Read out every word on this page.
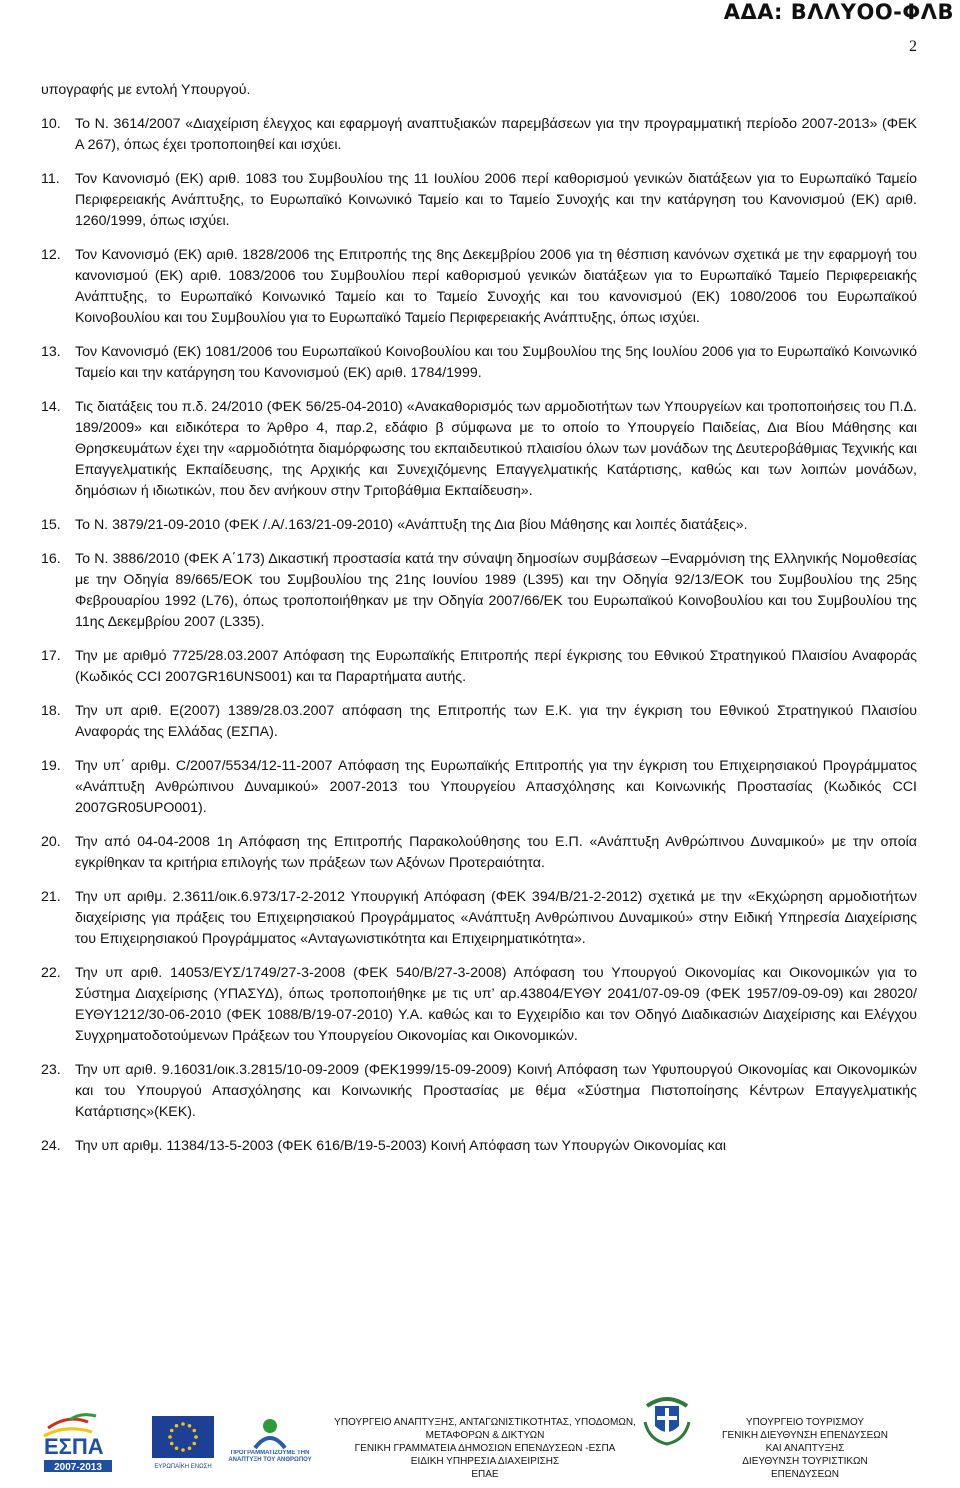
ΑΔΑ: ΒΛΛΥΟΟ-ΦΛΒ
2

υπογραφής με εντολή Υπουργού.

10.	Το Ν. 3614/2007 «Διαχείριση έλεγχος και εφαρμογή αναπτυξιακών παρεμβάσεων για την προγραμματική περίοδο 2007-2013» (ΦΕΚ Α 267), όπως έχει τροποποιηθεί και ισχύει.
11.	Τον Κανονισμό (ΕΚ) αριθ. 1083 του Συμβουλίου της 11 Ιουλίου 2006 περί καθορισμού γενικών διατάξεων για το Ευρωπαϊκό Ταμείο Περιφερειακής Ανάπτυξης, το Ευρωπαϊκό Κοινωνικό Ταμείο και το Ταμείο Συνοχής και την κατάργηση του Κανονισμού (ΕΚ) αριθ. 1260/1999, όπως ισχύει.
12.	Τον Κανονισμό (ΕΚ) αριθ. 1828/2006 της Επιτροπής της 8ης Δεκεμβρίου 2006 για τη θέσπιση κανόνων σχετικά με την εφαρμογή του κανονισμού (ΕΚ) αριθ. 1083/2006 του Συμβουλίου περί καθορισμού γενικών διατάξεων για το Ευρωπαϊκό Ταμείο Περιφερειακής Ανάπτυξης, το Ευρωπαϊκό Κοινωνικό Ταμείο και το Ταμείο Συνοχής και του κανονισμού (ΕΚ) 1080/2006 του Ευρωπαϊκού Κοινοβουλίου και του Συμβουλίου για το Ευρωπαϊκό Ταμείο Περιφερειακής Ανάπτυξης, όπως ισχύει.
13.	Τον Κανονισμό (ΕΚ) 1081/2006 του Ευρωπαϊκού Κοινοβουλίου και του Συμβουλίου της 5ης Ιουλίου 2006 για το Ευρωπαϊκό Κοινωνικό Ταμείο και την κατάργηση του Κανονισμού (ΕΚ) αριθ. 1784/1999.
14.	Τις διατάξεις του π.δ. 24/2010 (ΦΕΚ 56/25-04-2010) «Ανακαθορισμός των αρμοδιοτήτων των Υπουργείων και τροποποιήσεις του Π.Δ. 189/2009» και ειδικότερα το Άρθρο 4, παρ.2, εδάφιο β σύμφωνα με το οποίο το Υπουργείο Παιδείας, Δια Βίου Μάθησης και Θρησκευμάτων έχει την «αρμοδιότητα διαμόρφωσης του εκπαιδευτικού πλαισίου όλων των μονάδων της Δευτεροβάθμιας Τεχνικής και Επαγγελματικής Εκπαίδευσης, της Αρχικής και Συνεχιζόμενης Επαγγελματικής Κατάρτισης, καθώς και των λοιπών μονάδων, δημόσιων ή ιδιωτικών, που δεν ανήκουν στην Τριτοβάθμια Εκπαίδευση».
15.	Το Ν. 3879/21-09-2010 (ΦΕΚ /.Α/.163/21-09-2010) «Ανάπτυξη της Δια βίου Μάθησης και λοιπές διατάξεις».
16.	Το Ν. 3886/2010 (ΦΕΚ Α΄173) Δικαστική προστασία κατά την σύναψη δημοσίων συμβάσεων –Εναρμόνιση της Ελληνικής Νομοθεσίας με την Οδηγία 89/665/ΕΟΚ του Συμβουλίου της 21ης Ιουνίου 1989 (L395) και την Οδηγία 92/13/ΕΟΚ του Συμβουλίου της 25ης Φεβρουαρίου 1992 (L76), όπως τροποποιήθηκαν με την Οδηγία 2007/66/ΕΚ του Ευρωπαϊκού Κοινοβουλίου και του Συμβουλίου της 11ης Δεκεμβρίου 2007 (L335).
17.	Την με αριθμό 7725/28.03.2007 Απόφαση της Ευρωπαϊκής Επιτροπής περί έγκρισης του Εθνικού Στρατηγικού Πλαισίου Αναφοράς (Κωδικός CCI 2007GR16UNS001) και τα Παραρτήματα αυτής.
18.	Την υπ αριθ. Ε(2007) 1389/28.03.2007 απόφαση της Επιτροπής των Ε.Κ. για την έγκριση του Εθνικού Στρατηγικού Πλαισίου Αναφοράς της Ελλάδας (ΕΣΠΑ).
19.	Την υπ΄ αριθμ. C/2007/5534/12-11-2007 Απόφαση της Ευρωπαϊκής Επιτροπής για την έγκριση του Επιχειρησιακού Προγράμματος «Ανάπτυξη Ανθρώπινου Δυναμικού» 2007-2013 του Υπουργείου Απασχόλησης και Κοινωνικής Προστασίας (Κωδικός CCI 2007GR05UPO001).
20.	Την από 04-04-2008 1η Απόφαση της Επιτροπής Παρακολούθησης του Ε.Π. «Ανάπτυξη Ανθρώπινου Δυναμικού» με την οποία εγκρίθηκαν τα κριτήρια επιλογής των πράξεων των Αξόνων Προτεραιότητα.
21.	Την υπ αριθμ. 2.3611/οικ.6.973/17-2-2012 Υπουργική Απόφαση (ΦΕΚ 394/Β/21-2-2012) σχετικά με την «Εκχώρηση αρμοδιοτήτων διαχείρισης για πράξεις του Επιχειρησιακού Προγράμματος «Ανάπτυξη Ανθρώπινου Δυναμικού» στην Ειδική Υπηρεσία Διαχείρισης του Επιχειρησιακού Προγράμματος «Ανταγωνιστικότητα και Επιχειρηματικότητα».
22.	Την υπ αριθ. 14053/ΕΥΣ/1749/27-3-2008 (ΦΕΚ 540/Β/27-3-2008) Απόφαση του Υπουργού Οικονομίας και Οικονομικών για το Σύστημα Διαχείρισης (ΥΠΑΣΥΔ), όπως τροποποιήθηκε με τις υπ’ αρ.43804/ΕΥΘΥ 2041/07-09-09 (ΦΕΚ 1957/09-09-09) και 28020/ΕΥΘΥ1212/30-06-2010 (ΦΕΚ 1088/Β/19-07-2010) Υ.Α. καθώς και το Εγχειρίδιο και τον Οδηγό Διαδικασιών Διαχείρισης και Ελέγχου Συγχρηματοδοτούμενων Πράξεων του Υπουργείου Οικονομίας και Οικονομικών.
23.	Την υπ αριθ. 9.16031/οικ.3.2815/10-09-2009 (ΦΕΚ1999/15-09-2009) Κοινή Απόφαση των Υφυπουργού Οικονομίας και Οικονομικών και του Υπουργού Απασχόλησης και Κοινωνικής Προστασίας με θέμα «Σύστημα Πιστοποίησης Κέντρων Επαγγελματικής Κατάρτισης»(ΚΕΚ).
24.	Την υπ αριθμ. 11384/13-5-2003 (ΦΕΚ 616/Β/19-5-2003) Κοινή Απόφαση των Υπουργών Οικονομίας και
ΕΣΠΑ
2007-2013	ΕΥΡΩΠΑΪΚΗ ΕΝΩΣΗ
ΠΡΟΓΡΑΜΜΑΤΙΖΟΥΜΕ ΤΗΝ ΑΝΑΠΤΥΞΗ ΤΟΥ ΑΝΘΡΩΠΟΥ
ΥΠΟΥΡΓΕΙΟ ΑΝΑΠΤΥΞΗΣ, ΑΝΤΑΓΩΝΙΣΤΙΚΟΤΗΤΑΣ, ΥΠΟΔΟΜΩΝ,
ΜΕΤΑΦΟΡΩΝ & ΔΙΚΤΥΩΝ
ΓΕΝΙΚΗ ΓΡΑΜΜΑΤΕΙΑ ΔΗΜΟΣΙΩΝ ΕΠΕΝΔΥΣΕΩΝ -ΕΣΠΑ
ΕΙΔΙΚΗ ΥΠΗΡΕΣΙΑ ΔΙΑΧΕΙΡΙΣΗΣ
ΕΠΑΕ
ΥΠΟΥΡΓΕΙΟ ΤΟΥΡΙΣΜΟΥ
ΓΕΝΙΚΗ ΔΙΕΥΘΥΝΣΗ ΕΠΕΝΔΥΣΕΩΝ
ΚΑΙ ΑΝΑΠΤΥΞΗΣ
ΔΙΕΥΘΥΝΣΗ ΤΟΥΡΙΣΤΙΚΩΝ
ΕΠΕΝΔΥΣΕΩΝ
